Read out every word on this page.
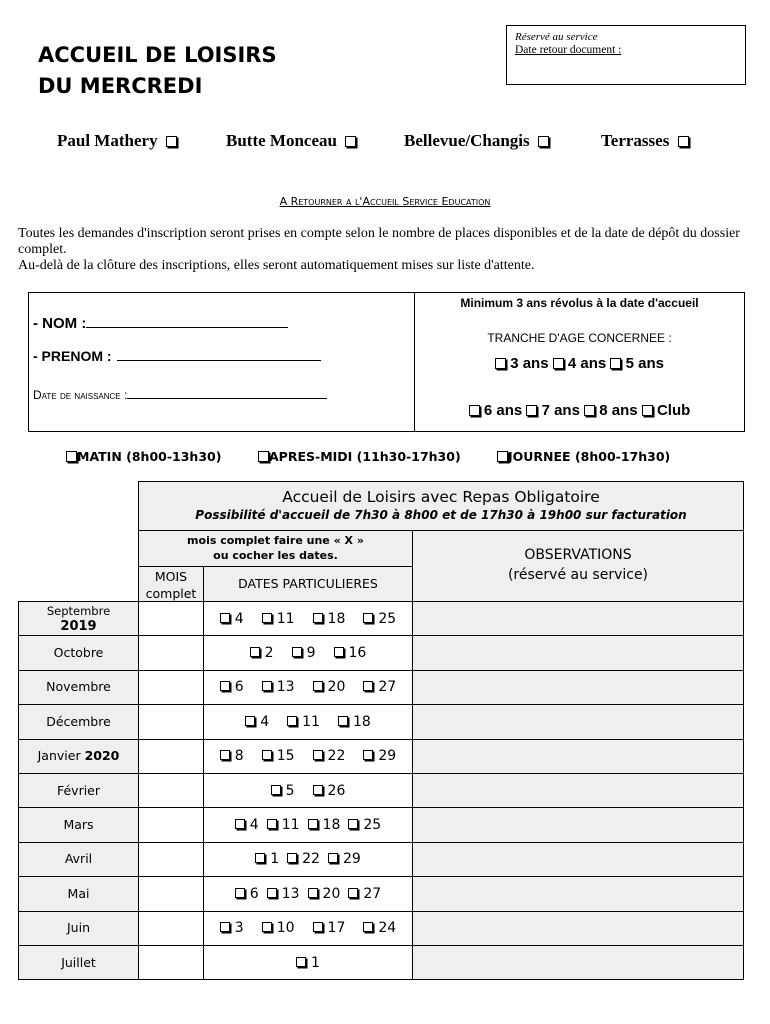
Réservé au service
Date retour document :
ACCUEIL DE LOISIRS
DU MERCREDI
Paul Mathery	Butte Monceau	Bellevue/Changis	Terrasses
A Retourner a l'Accueil Service Education
Toutes les demandes d'inscription seront prises en compte selon le nombre de places disponibles et de la date de dépôt du dossier complet.
Au-delà de la clôture des inscriptions, elles seront automatiquement mises sur liste d'attente.
- NOM :
- PRENOM :
Date de naissance :
Minimum 3 ans révolus à la date d'accueil
TRANCHE D'AGE CONCERNEE :
3 ans 4 ans 5 ans
6 ans 7 ans 8 ans Club
MATIN (8h00-13h30)	APRES-MIDI (11h30-17h30)	JOURNEE (8h00-17h30)
Accueil de Loisirs avec Repas Obligatoire
Possibilité d'accueil de 7h30 à 8h00 et de 17h30 à 19h00 sur facturation
mois complet faire une « X »
ou cocher les dates.
MOIS
complet
DATES PARTICULIERES
OBSERVATIONS
(réservé au service)
Septembre
2019	4	11	18	25
Octobre	2	9	16
Novembre	6	13	20	27
Décembre	4	11	18
Janvier 2020	8	15	22	29
Février	5	26
Mars	4	11	18	25
Avril	1	22	29
Mai	6	13	20	27
Juin	3	10	17	24
Juillet	1
